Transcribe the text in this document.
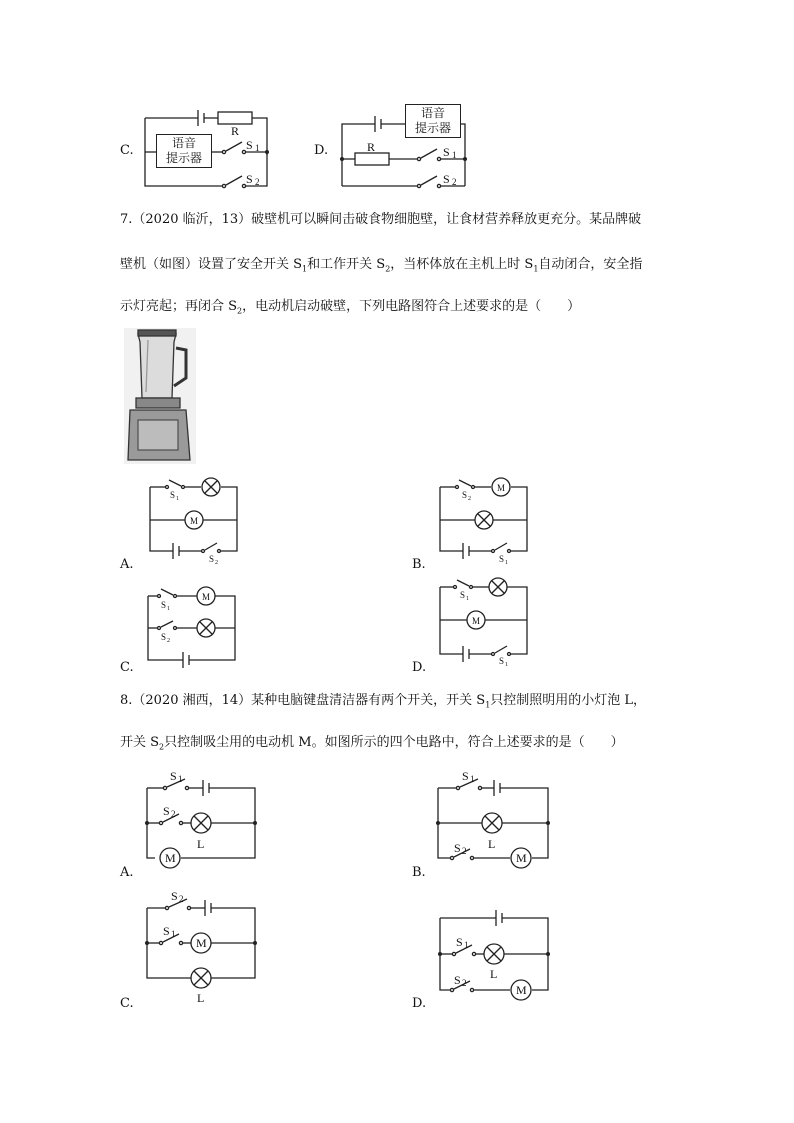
C.
R
S 1
S 2
语音
提示器	D.	R	S 1
S 2
语音
提示器
7.（2020 临沂，13）破壁机可以瞬间击破食物细胞壁，让食材营养释放更充分。某品牌破
壁机（如图）设置了安全开关 $S_1$和工作开关 $S_2$，当杯体放在主机上时 $S_1$自动闭合，安全指
示灯亮起；再闭合 $S_2$，电动机启动破壁，下列电路图符合上述要求的是（　　）
M
S 1
S 2
A.
M
S 2
S 1
B.
M
S 1
S 2
C.
M
S 1
S 1
D.
8.（2020 湘西，14）某种电脑键盘清洁器有两个开关，开关 $S_1$只控制照明用的小灯泡 L，
开关 $S_2$只控制吸尘用的电动机 M。如图所示的四个电路中，符合上述要求的是（　　）
M
S 1
S 2
L
A.
M
S 1
S 2 L
B.
M
S 2
S 1
L
C.
M
S 1
S 2
L
D.
